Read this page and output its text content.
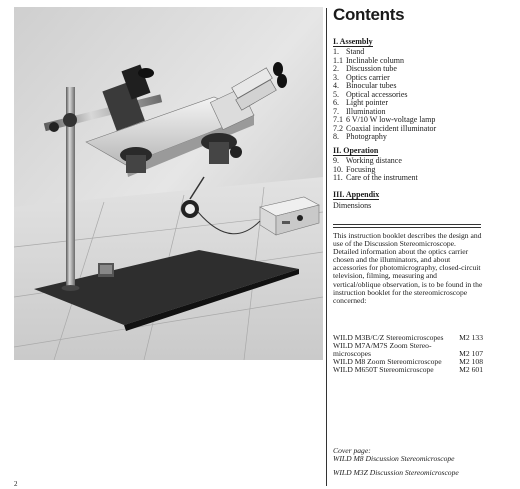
2
Contents
I. Assembly
1. Stand
1.1 Inclinable column
2. Discussion tube
3. Optics carrier
4. Binocular tubes
5. Optical accessories
6. Light pointer
7. Illumination
7.1 6 V/10 W low-voltage lamp
7.2 Coaxial incident illuminator
8. Photography
II. Operation
9. Working distance
10. Focusing
11. Care of the instrument
III. Appendix
Dimensions

This instruction booklet describes the design and use of the Discussion Stereomicroscope. Detailed information about the optics carrier chosen and the illuminators, and about accessories for photomicrography, closed-circuit television, filming, measuring and vertical/oblique observation, is to be found in the instruction booklet for the stereomicroscope concerned:

WILD M3B/C/Z Stereomicroscopes	M2 133
WILD M7A/M7S Zoom Stereo-microscopes	M2 107
WILD M8 Zoom Stereomicroscope	M2 108
WILD M650T Stereomicroscope	M2 601
Cover page:
WILD M8 Discussion Stereomicroscope
WILD M3Z Discussion Stereomicroscope
